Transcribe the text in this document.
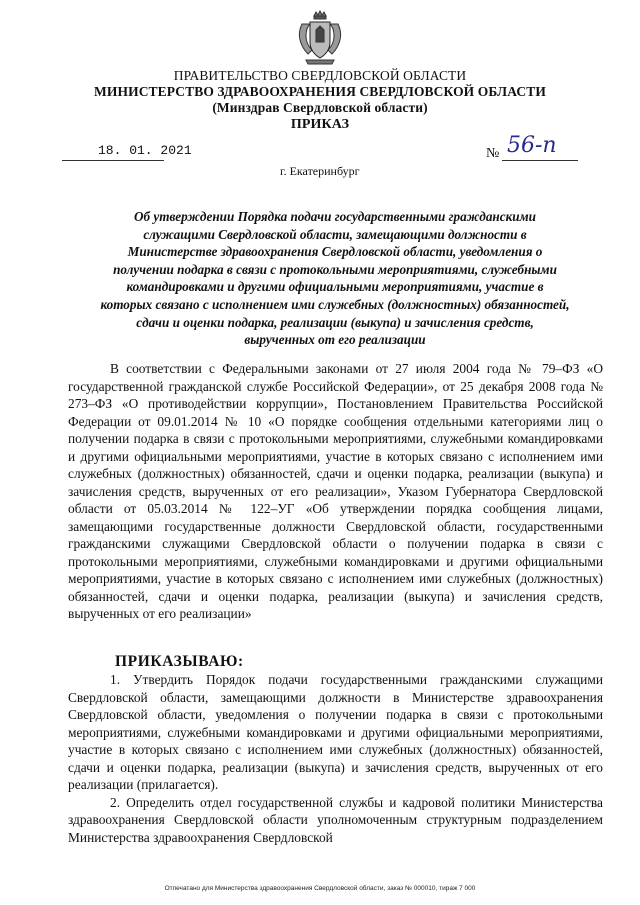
ПРАВИТЕЛЬСТВО СВЕРДЛОВСКОЙ ОБЛАСТИ
МИНИСТЕРСТВО ЗДРАВООХРАНЕНИЯ СВЕРДЛОВСКОЙ ОБЛАСТИ
(Минздрав Свердловской области)
ПРИКАЗ
18. 01. 2021	№ 56-п
г. Екатеринбург
Об утверждении Порядка подачи государственными гражданскими служащими Свердловской области, замещающими должности в Министерстве здравоохранения Свердловской области, уведомления о получении подарка в связи с протокольными мероприятиями, служебными командировками и другими официальными мероприятиями, участие в которых связано с исполнением ими служебных (должностных) обязанностей, сдачи и оценки подарка, реализации (выкупа) и зачисления средств, вырученных от его реализации

В соответствии с Федеральными законами от 27 июля 2004 года № 79–ФЗ «О государственной гражданской службе Российской Федерации», от 25 декабря 2008 года № 273–ФЗ «О противодействии коррупции», Постановлением Правительства Российской Федерации от 09.01.2014 № 10 «О порядке сообщения отдельными категориями лиц о получении подарка в связи с протокольными мероприятиями, служебными командировками и другими официальными мероприятиями, участие в которых связано с исполнением ими служебных (должностных) обязанностей, сдачи и оценки подарка, реализации (выкупа) и зачисления средств, вырученных от его реализации», Указом Губернатора Свердловской области от 05.03.2014 № 122–УГ «Об утверждении порядка сообщения лицами, замещающими государственные должности Свердловской области, государственными гражданскими служащими Свердловской области о получении подарка в связи с протокольными мероприятиями, служебными командировками и другими официальными мероприятиями, участие в которых связано с исполнением ими служебных (должностных) обязанностей, сдачи и оценки подарка, реализации (выкупа) и зачисления средств, вырученных от его реализации»

ПРИКАЗЫВАЮ:

1. Утвердить Порядок подачи государственными гражданскими служащими Свердловской области, замещающими должности в Министерстве здравоохранения Свердловской области, уведомления о получении подарка в связи с протокольными мероприятиями, служебными командировками и другими официальными мероприятиями, участие в которых связано с исполнением ими служебных (должностных) обязанностей, сдачи и оценки подарка, реализации (выкупа) и зачисления средств, вырученных от его реализации (прилагается).

2. Определить отдел государственной службы и кадровой политики Министерства здравоохранения Свердловской области уполномоченным структурным подразделением Министерства здравоохранения Свердловской

Отпечатано для Министерства здравоохранения Свердловской области, заказ № 000010, тираж 7 000
